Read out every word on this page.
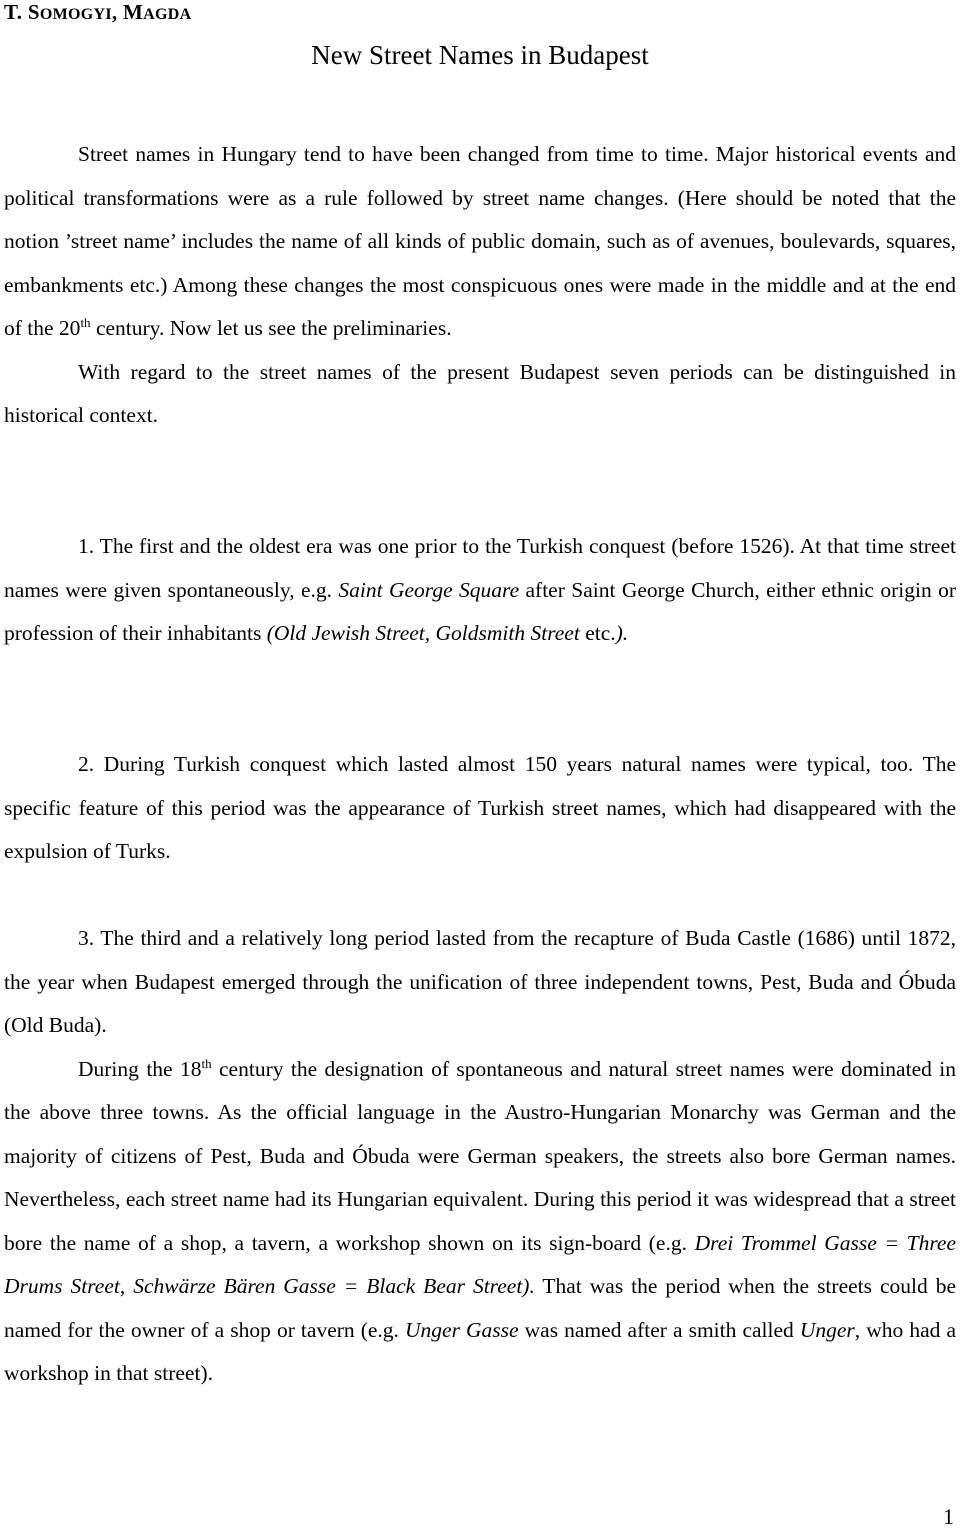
T. SOMOGYI, MAGDA
New Street Names in Budapest

Street names in Hungary tend to have been changed from time to time. Major historical events and political transformations were as a rule followed by street name changes. (Here should be noted that the notion ’street name’ includes the name of all kinds of public domain, such as of avenues, boulevards, squares, embankments etc.) Among these changes the most conspicuous ones were made in the middle and at the end of the 20th century. Now let us see the preliminaries.

With regard to the street names of the present Budapest seven periods can be distinguished in historical context.

1. The first and the oldest era was one prior to the Turkish conquest (before 1526). At that time street names were given spontaneously, e.g. Saint George Square after Saint George Church, either ethnic origin or profession of their inhabitants (Old Jewish Street, Goldsmith Street etc.).

2. During Turkish conquest which lasted almost 150 years natural names were typical, too. The specific feature of this period was the appearance of Turkish street names, which had disappeared with the expulsion of Turks.

3. The third and a relatively long period lasted from the recapture of Buda Castle (1686) until 1872, the year when Budapest emerged through the unification of three independent towns, Pest, Buda and Óbuda (Old Buda).

During the 18th century the designation of spontaneous and natural street names were dominated in the above three towns. As the official language in the Austro-Hungarian Monarchy was German and the majority of citizens of Pest, Buda and Óbuda were German speakers, the streets also bore German names. Nevertheless, each street name had its Hungarian equivalent. During this period it was widespread that a street bore the name of a shop, a tavern, a workshop shown on its sign-board (e.g. Drei Trommel Gasse = Three Drums Street, Schwärze Bären Gasse = Black Bear Street). That was the period when the streets could be named for the owner of a shop or tavern (e.g. Unger Gasse was named after a smith called Unger, who had a workshop in that street).

1
